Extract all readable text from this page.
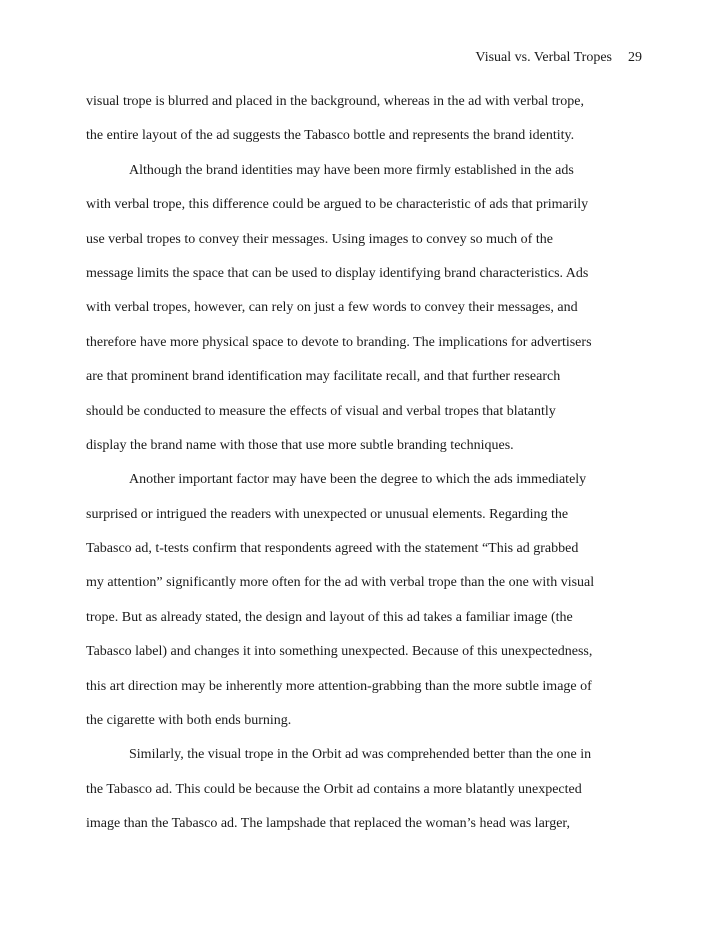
Visual vs. Verbal Tropes 29
visual trope is blurred and placed in the background, whereas in the ad with verbal trope,
the entire layout of the ad suggests the Tabasco bottle and represents the brand identity.
Although the brand identities may have been more firmly established in the ads
with verbal trope, this difference could be argued to be characteristic of ads that primarily
use verbal tropes to convey their messages. Using images to convey so much of the
message limits the space that can be used to display identifying brand characteristics. Ads
with verbal tropes, however, can rely on just a few words to convey their messages, and
therefore have more physical space to devote to branding. The implications for advertisers
are that prominent brand identification may facilitate recall, and that further research
should be conducted to measure the effects of visual and verbal tropes that blatantly
display the brand name with those that use more subtle branding techniques.
Another important factor may have been the degree to which the ads immediately
surprised or intrigued the readers with unexpected or unusual elements. Regarding the
Tabasco ad, t-tests confirm that respondents agreed with the statement “This ad grabbed
my attention” significantly more often for the ad with verbal trope than the one with visual
trope. But as already stated, the design and layout of this ad takes a familiar image (the
Tabasco label) and changes it into something unexpected. Because of this unexpectedness,
this art direction may be inherently more attention-grabbing than the more subtle image of
the cigarette with both ends burning.
Similarly, the visual trope in the Orbit ad was comprehended better than the one in
the Tabasco ad. This could be because the Orbit ad contains a more blatantly unexpected
image than the Tabasco ad. The lampshade that replaced the woman’s head was larger,
